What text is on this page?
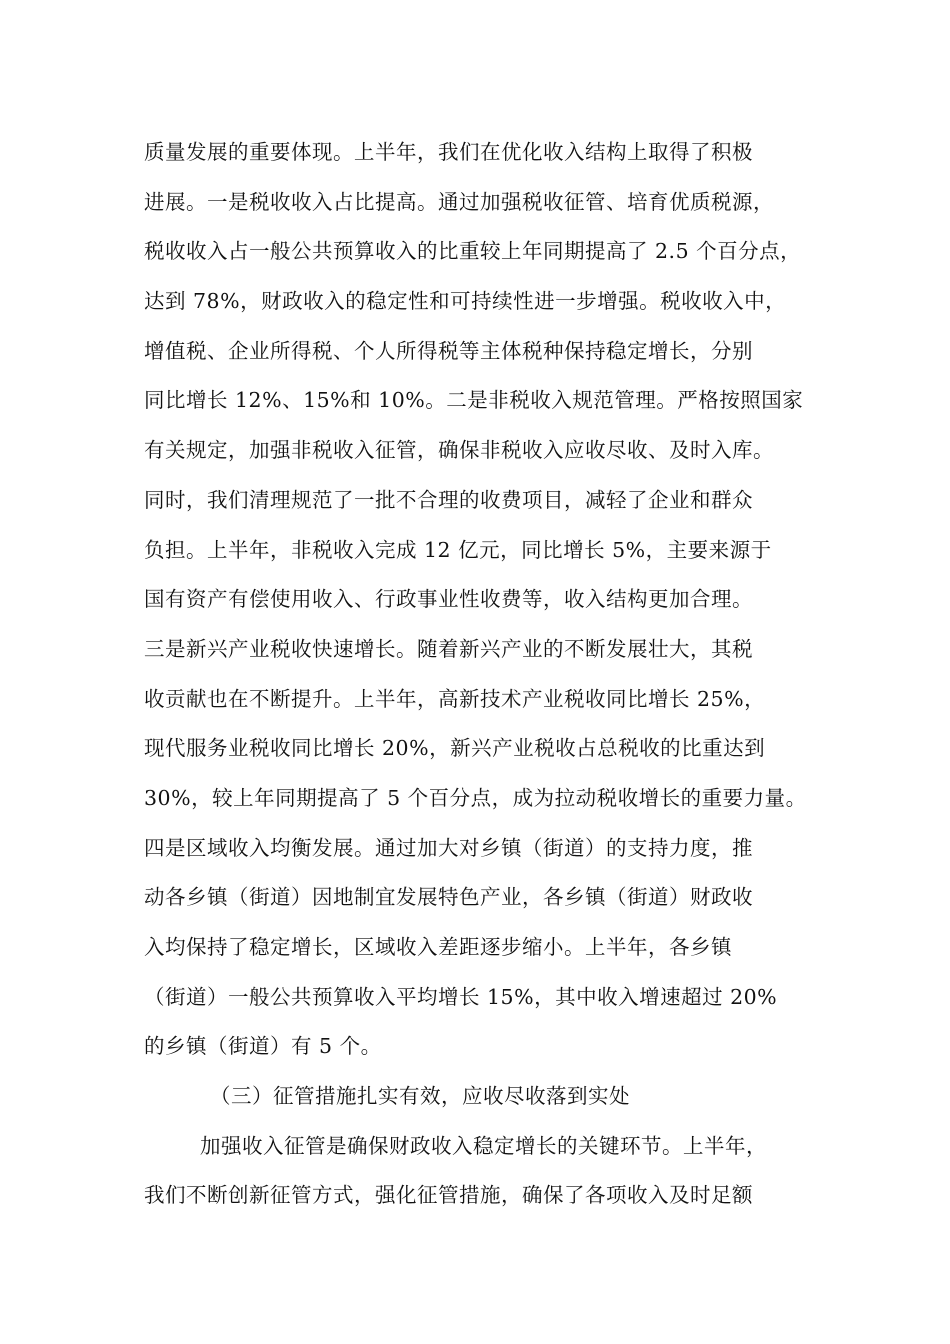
质量发展的重要体现。上半年，我们在优化收入结构上取得了积极
进展。一是税收收入占比提高。通过加强税收征管、培育优质税源，
税收收入占一般公共预算收入的比重较上年同期提高了 2.5 个百分点，
达到 78%，财政收入的稳定性和可持续性进一步增强。税收收入中，
增值税、企业所得税、个人所得税等主体税种保持稳定增长，分别
同比增长 12%、15%和 10%。二是非税收入规范管理。严格按照国家
有关规定，加强非税收入征管，确保非税收入应收尽收、及时入库。
同时，我们清理规范了一批不合理的收费项目，减轻了企业和群众
负担。上半年，非税收入完成 12 亿元，同比增长 5%，主要来源于
国有资产有偿使用收入、行政事业性收费等，收入结构更加合理。
三是新兴产业税收快速增长。随着新兴产业的不断发展壮大，其税
收贡献也在不断提升。上半年，高新技术产业税收同比增长 25%，
现代服务业税收同比增长 20%，新兴产业税收占总税收的比重达到
30%，较上年同期提高了 5 个百分点，成为拉动税收增长的重要力量。
四是区域收入均衡发展。通过加大对乡镇（街道）的支持力度，推
动各乡镇（街道）因地制宜发展特色产业，各乡镇（街道）财政收
入均保持了稳定增长，区域收入差距逐步缩小。上半年，各乡镇
（街道）一般公共预算收入平均增长 15%，其中收入增速超过 20%
的乡镇（街道）有 5 个。
（三）征管措施扎实有效，应收尽收落到实处
加强收入征管是确保财政收入稳定增长的关键环节。上半年，
我们不断创新征管方式，强化征管措施，确保了各项收入及时足额
